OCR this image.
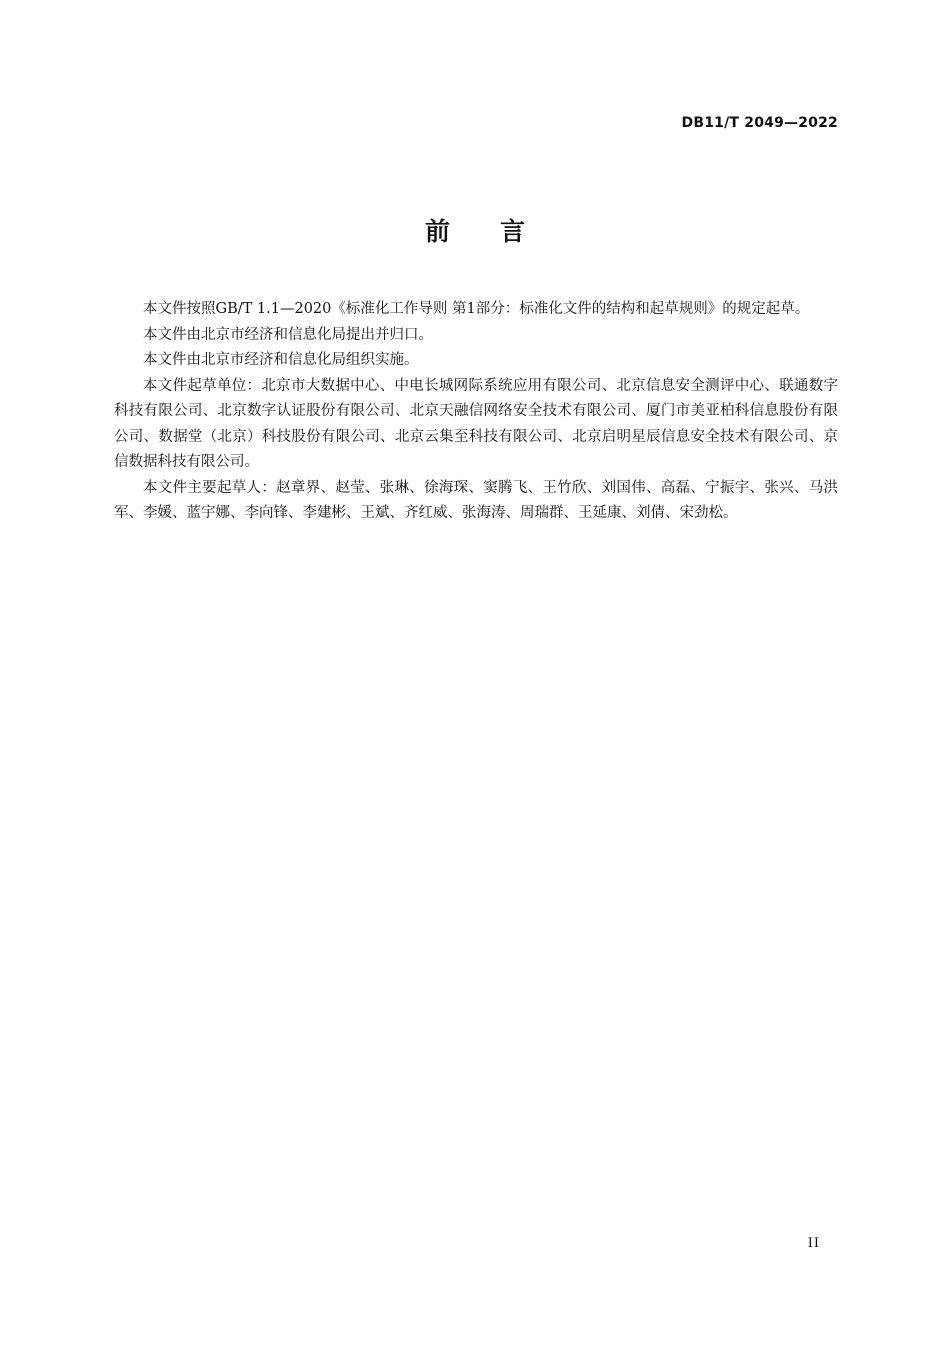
DB11/T 2049—2022
前言

本文件按照GB/T 1.1—2020《标准化工作导则 第1部分：标准化文件的结构和起草规则》的规定起草。

本文件由北京市经济和信息化局提出并归口。

本文件由北京市经济和信息化局组织实施。

本文件起草单位：北京市大数据中心、中电长城网际系统应用有限公司、北京信息安全测评中心、联通数字科技有限公司、北京数字认证股份有限公司、北京天融信网络安全技术有限公司、厦门市美亚柏科信息股份有限公司、数据堂（北京）科技股份有限公司、北京云集至科技有限公司、北京启明星辰信息安全技术有限公司、京信数据科技有限公司。

本文件主要起草人：赵章界、赵莹、张琳、徐海琛、窦腾飞、王竹欣、刘国伟、高磊、宁振宇、张兴、马洪军、李媛、蓝宇娜、李向锋、李建彬、王斌、齐红威、张海涛、周瑞群、王延康、刘倩、宋劲松。

II
